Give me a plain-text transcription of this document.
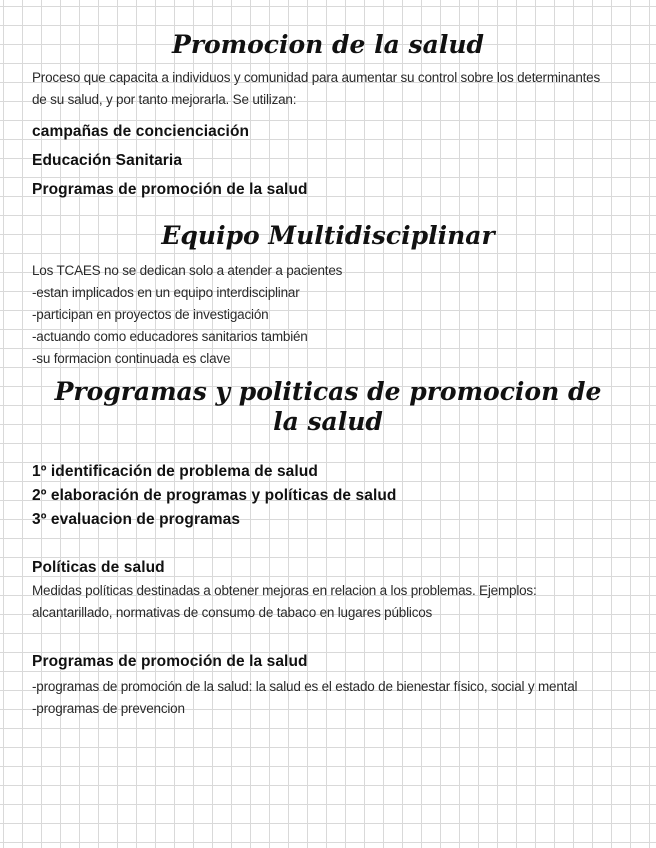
Promocion de la salud

Proceso que capacita a individuos y comunidad para aumentar su control sobre los determinantes
de su salud, y por tanto mejorarla. Se utilizan:

campañas de concienciación
Educación Sanitaria
Programas de promoción de la salud
Equipo Multidisciplinar

Los TCAES no se dedican solo a atender a pacientes
-estan implicados en un equipo interdisciplinar
-participan en proyectos de investigación
-actuando como educadores sanitarios también
-su formacion continuada es clave

Programas y politicas de promocion de
la salud
1º identificación de problema de salud
2º elaboración de programas y políticas de salud
3º evaluacion de programas
Políticas de salud

Medidas políticas destinadas a obtener mejoras en relacion a los problemas. Ejemplos:
alcantarillado, normativas de consumo de tabaco en lugares públicos

Programas de promoción de la salud

-programas de promoción de la salud: la salud es el estado de bienestar físico, social y mental
-programas de prevencion
